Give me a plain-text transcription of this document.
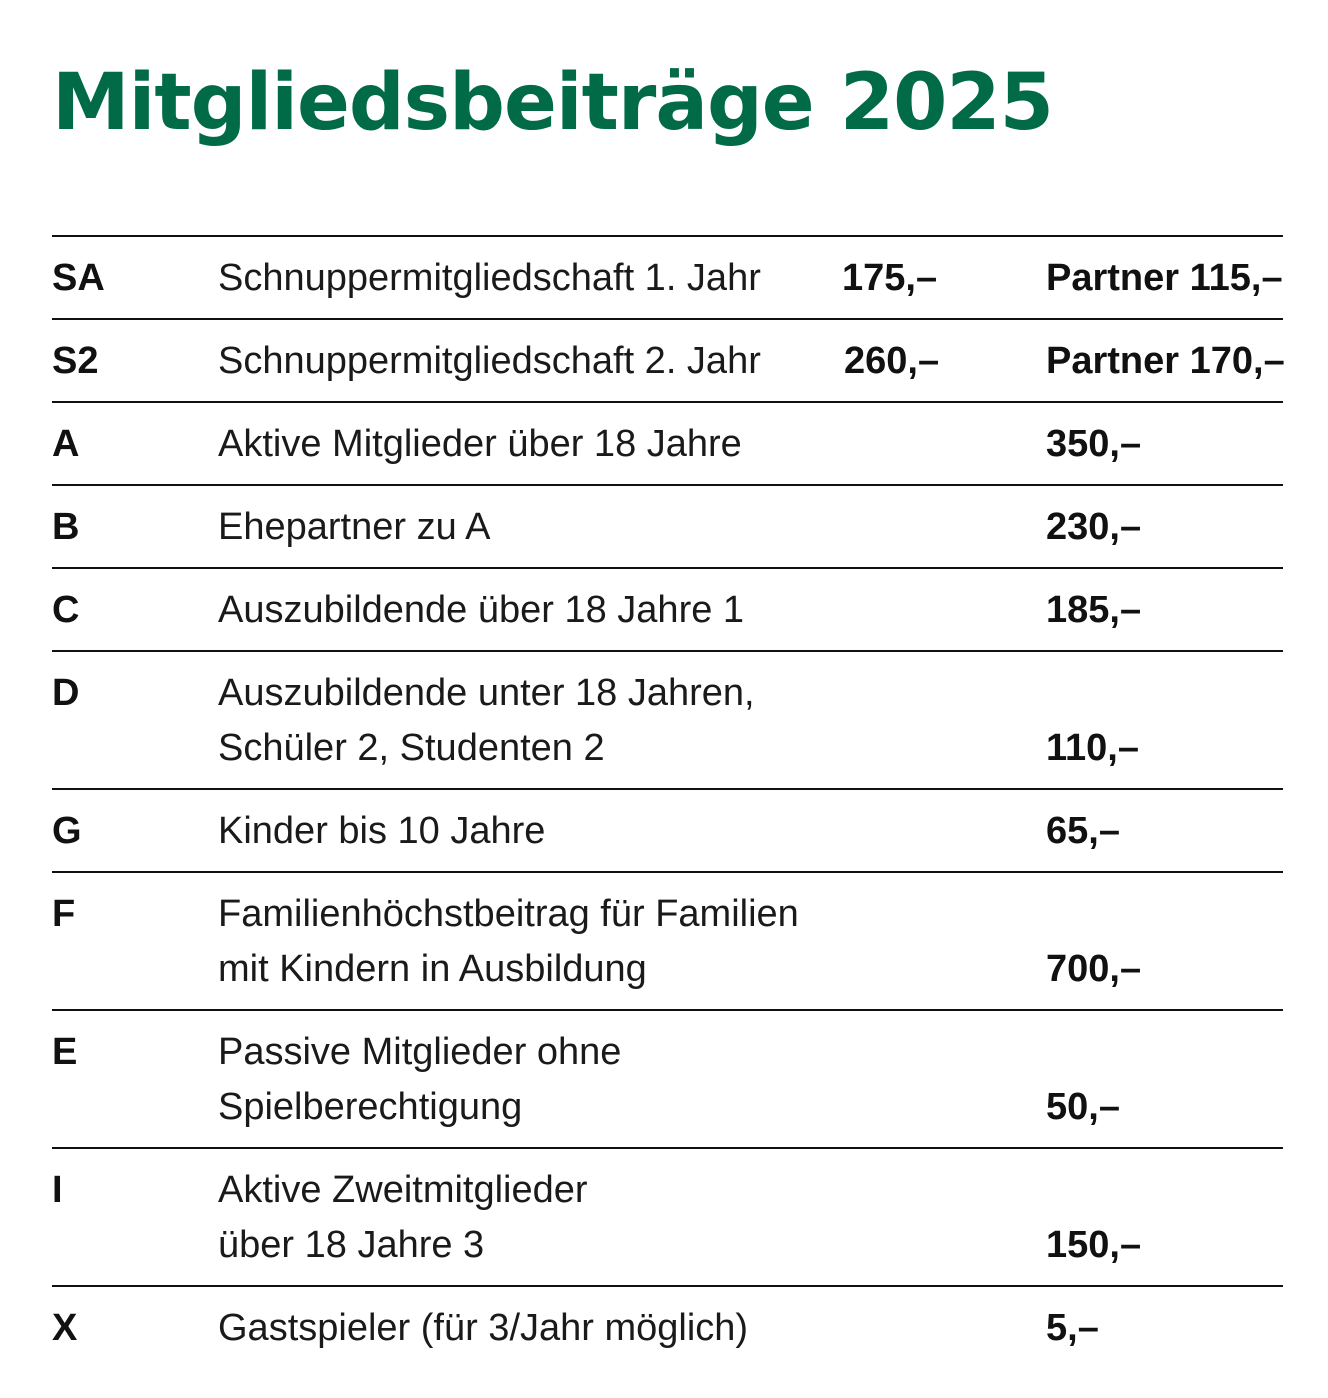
Mitgliedsbeiträge 2025
SA	Schnuppermitgliedschaft 1. Jahr 175,–	Partner 115,–
S2	Schnuppermitgliedschaft 2. Jahr 260,–	Partner 170,–
A	Aktive Mitglieder über 18 Jahre	350,–
B	Ehepartner zu A	230,–
C	Auszubildende über 18 Jahre 1	185,–
D	Auszubildende unter 18 Jahren,
Schüler 2, Studenten 2	110,–
G	Kinder bis 10 Jahre	65,–
F	Familienhöchstbeitrag für Familien
mit Kindern in Ausbildung	700,–
E	Passive Mitglieder ohne
Spielberechtigung	50,–
I	Aktive Zweitmitglieder
über 18 Jahre 3	150,–
X	Gastspieler (für 3/Jahr möglich)	5,–
